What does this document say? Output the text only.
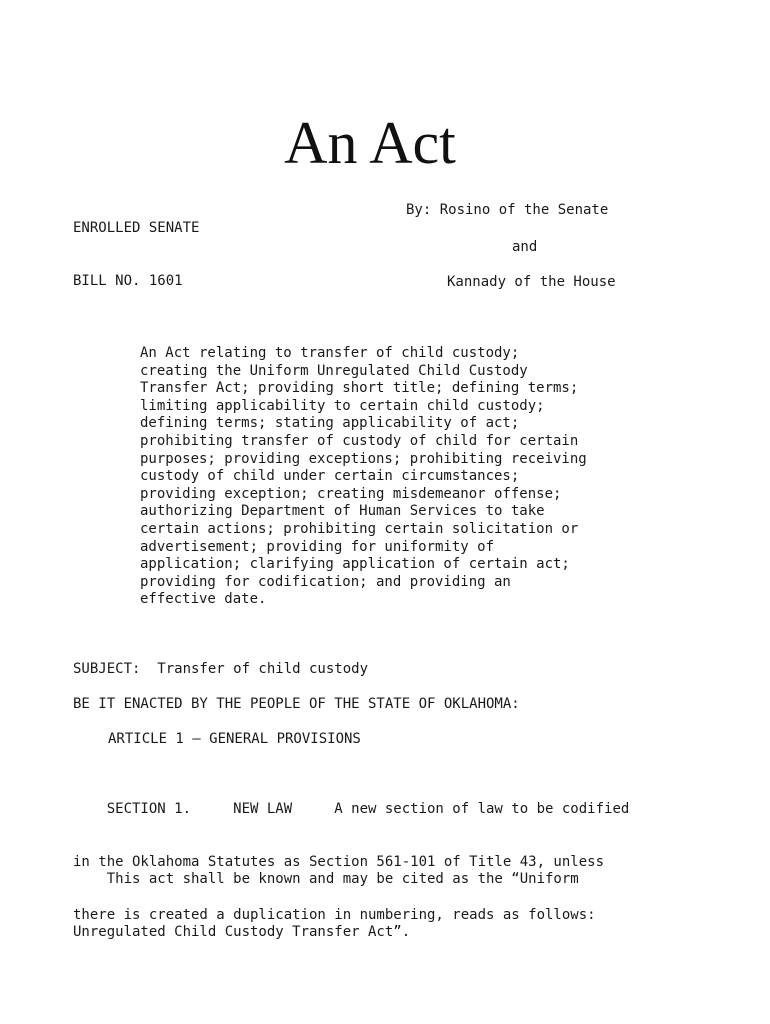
An Act

ENROLLED SENATE

BILL NO. 1601

By: Rosino of the Senate
and
Kannady of the House
An Act relating to transfer of child custody;
creating the Uniform Unregulated Child Custody
Transfer Act; providing short title; defining terms;
limiting applicability to certain child custody;
defining terms; stating applicability of act;
prohibiting transfer of custody of child for certain
purposes; providing exceptions; prohibiting receiving
custody of child under certain circumstances;
providing exception; creating misdemeanor offense;
authorizing Department of Human Services to take
certain actions; prohibiting certain solicitation or
advertisement; providing for uniformity of
application; clarifying application of certain act;
providing for codification; and providing an
effective date.
SUBJECT:  Transfer of child custody
BE IT ENACTED BY THE PEOPLE OF THE STATE OF OKLAHOMA:
ARTICLE 1 – GENERAL PROVISIONS

SECTION 1.     NEW LAW     A new section of law to be codified

in the Oklahoma Statutes as Section 561-101 of Title 43, unless

there is created a duplication in numbering, reads as follows:

This act shall be known and may be cited as the “Uniform

Unregulated Child Custody Transfer Act”.
